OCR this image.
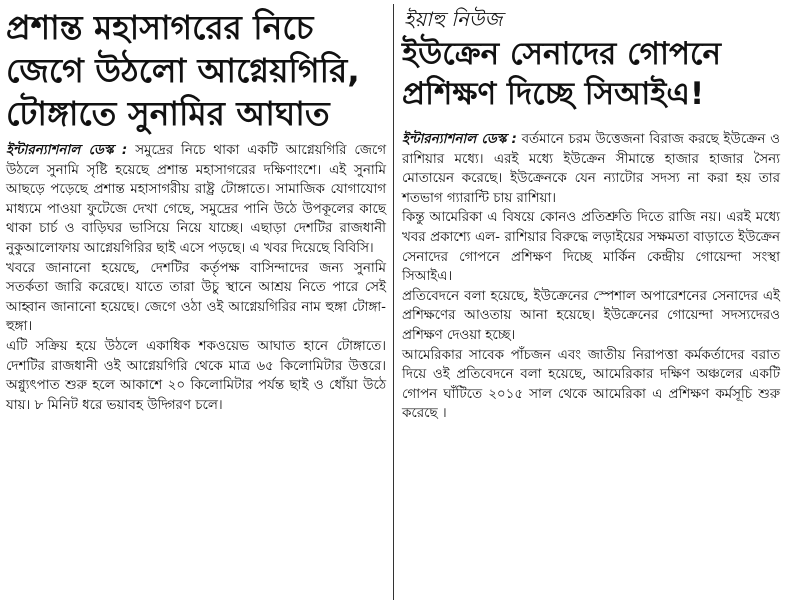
প্রশান্ত মহাসাগরের নিচে জেগে উঠলো আগ্নেয়গিরি, টোঙ্গাতে সুনামির আঘাত

ইন্টারন্যাশনাল ডেস্ক : সমুদ্রের নিচে থাকা একটি আগ্নেয়গিরি জেগে উঠলে সুনামি সৃষ্টি হয়েছে প্রশান্ত মহাসাগরের দক্ষিণাংশে। এই সুনামি আছড়ে পড়েছে প্রশান্ত মহাসাগরীয় রাষ্ট্র টোঙ্গাতে। সামাজিক যোগাযোগ মাধ্যমে পাওয়া ফুটেজে দেখা গেছে, সমুদ্রের পানি উঠে উপকূলের কাছে থাকা চার্চ ও বাড়িঘর ভাসিয়ে নিয়ে যাচ্ছে। এছাড়া দেশটির রাজধানী নুকুআলোফায় আগ্নেয়গিরির ছাই এসে পড়ছে। এ খবর দিয়েছে বিবিসি।

খবরে জানানো হয়েছে, দেশটির কর্তৃপক্ষ বাসিন্দাদের জন্য সুনামি সতর্কতা জারি করেছে। যাতে তারা উচু স্থানে আশ্রয় নিতে পারে সেই আহ্বান জানানো হয়েছে। জেগে ওঠা ওই আগ্নেয়গিরির নাম হুঙ্গা টোঙ্গা-হুঙ্গা।

এটি সক্রিয় হয়ে উঠলে একাধিক শকওয়েভ আঘাত হানে টোঙ্গাতে। দেশটির রাজধানী ওই আগ্নেয়গিরি থেকে মাত্র ৬৫ কিলোমিটার উত্তরে। অগ্ন্যুৎপাত শুরু হলে আকাশে ২০ কিলোমিটার পর্যন্ত ছাই ও ধোঁয়া উঠে যায়। ৮ মিনিট ধরে ভয়াবহ উদ্গিরণ চলে।

ইয়াহু নিউজ
ইউক্রেন সেনাদের গোপনে প্রশিক্ষণ দিচ্ছে সিআইএ!

ইন্টারন্যাশনাল ডেস্ক : বর্তমানে চরম উত্তেজনা বিরাজ করছে ইউক্রেন ও রাশিয়ার মধ্যে। এরই মধ্যে ইউক্রেন সীমান্তে হাজার হাজার সৈন্য মোতায়েন করেছে। ইউক্রেনকে যেন ন্যাটোর সদস্য না করা হয় তার শতভাগ গ্যারান্টি চায় রাশিয়া।

কিন্তু আমেরিকা এ বিষয়ে কোনও প্রতিশ্রুতি দিতে রাজি নয়। এরই মধ্যে খবর প্রকাশ্যে এল- রাশিয়ার বিরুদ্ধে লড়াইয়ের সক্ষমতা বাড়াতে ইউক্রেন সেনাদের গোপনে প্রশিক্ষণ দিচ্ছে মার্কিন কেন্দ্রীয় গোয়েন্দা সংস্থা সিআইএ।

প্রতিবেদনে বলা হয়েছে, ইউক্রেনের স্পেশাল অপারেশনের সেনাদের এই প্রশিক্ষণের আওতায় আনা হয়েছে। ইউক্রেনের গোয়েন্দা সদস্যদেরও প্রশিক্ষণ দেওয়া হচ্ছে।

আমেরিকার সাবেক পাঁচজন এবং জাতীয় নিরাপত্তা কর্মকর্তাদের বরাত দিয়ে ওই প্রতিবেদনে বলা হয়েছে, আমেরিকার দক্ষিণ অঞ্চলের একটি গোপন ঘাঁটিতে ২০১৫ সাল থেকে আমেরিকা এ প্রশিক্ষণ কর্মসূচি শুরু করেছে ।
